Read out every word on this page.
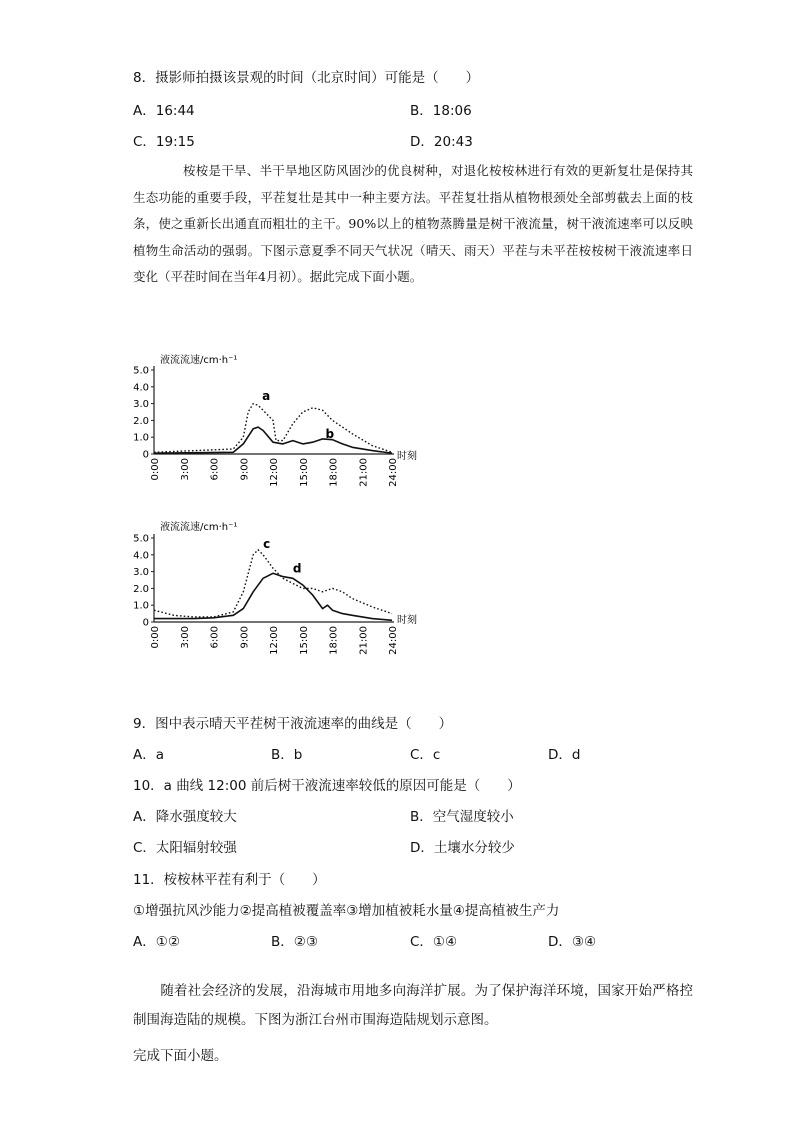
8．摄影师拍摄该景观的时间（北京时间）可能是（　　）
A．16:44	B．18:06
C．19:15	D．20:43
桉桉是干旱、半干旱地区防风固沙的优良树种，对退化桉桉林进行有效的更新复壮是保持其生态功能的重要手段，平茬复壮是其中一种主要方法。平茬复壮指从植物根颈处全部剪截去上面的枝条，使之重新长出通直而粗壮的主干。90%以上的植物蒸腾量是树干液流量，树干液流速率可以反映植物生命活动的强弱。下图示意夏季不同天气状况（晴天、雨天）平茬与未平茬桉桉树干液流速率日变化（平茬时间在当年4月初）。据此完成下面小题。
液流流速/cm·h⁻¹
0
1.0
2.0
3.0
4.0
5.0
0:00 3:00 6:00 9:00 12:00 15:00 18:00 21:00 24:00
a
b
时刻
液流流速/cm·h⁻¹
0
1.0
2.0
3.0
4.0
5.0
0:00 3:00 6:00 9:00 12:00 15:00 18:00 21:00 24:00
c
d
时刻
9．图中表示晴天平茬树干液流速率的曲线是（　　）
A．a	B．b	C．c	D．d
10．a 曲线 12:00 前后树干液流速率较低的原因可能是（　　）
A．降水强度较大	B．空气湿度较小
C．太阳辐射较强	D．土壤水分较少
11．桉桉林平茬有利于（　　）
①增强抗风沙能力②提高植被覆盖率③增加植被耗水量④提高植被生产力
A．①②	B．②③	C．①④	D．③④
　　随着社会经济的发展，沿海城市用地多向海洋扩展。为了保护海洋环境，国家开始严格控制围海造陆的规模。下图为浙江台州市围海造陆规划示意图。
完成下面小题。
